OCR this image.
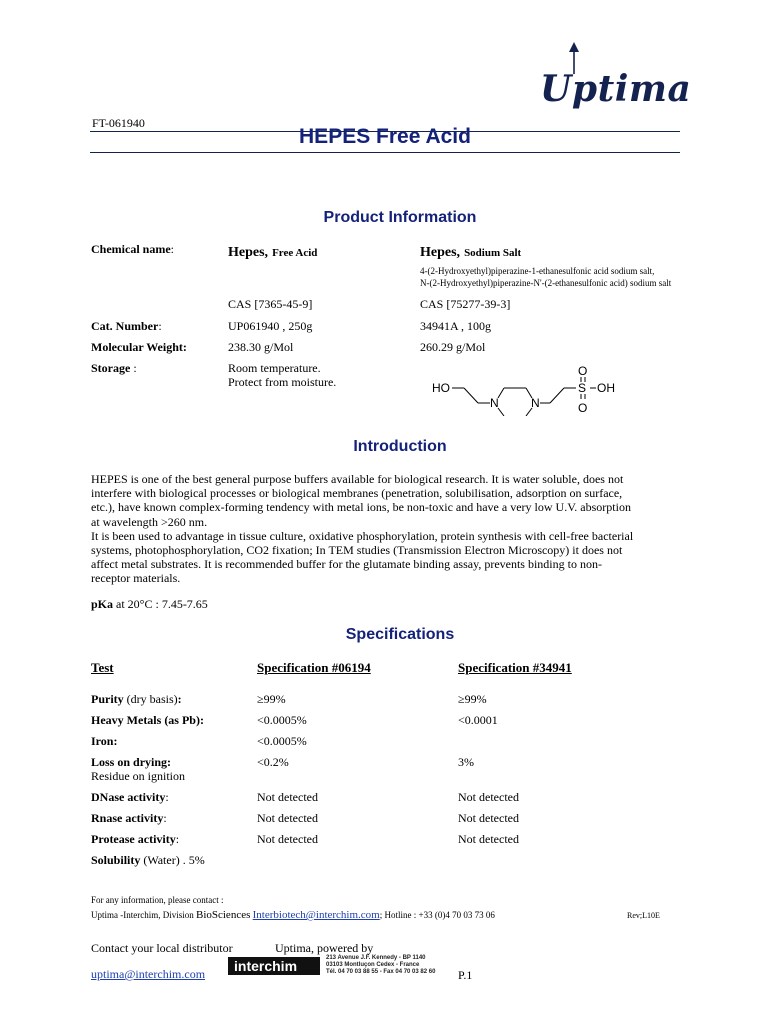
Uptima
FT-061940
HEPES Free Acid
Product Information
Chemical name:	Hepes, Free Acid	Hepes, Sodium Salt
4-(2-Hydroxyethyl)piperazine-1-ethanesulfonic acid sodium salt,
N-(2-Hydroxyethyl)piperazine-N'-(2-ethanesulfonic acid) sodium salt
CAS [7365-45-9]	CAS [75277-39-3]
Cat. Number:	UP061940 , 250g	34941A , 100g
Molecular Weight:	238.30 g/Mol	260.29 g/Mol
Storage :	Room temperature.
Protect from moisture.	HO
N	N
S OH
O
O
Introduction
HEPES is one of the best general purpose buffers available for biological research. It is water soluble, does not
interfere with biological processes or biological membranes (penetration, solubilisation, adsorption on surface,
etc.), have known complex-forming tendency with metal ions, be non-toxic and have a very low U.V. absorption
at wavelength >260 nm.
It is been used to advantage in tissue culture, oxidative phosphorylation, protein synthesis with cell-free bacterial
systems, photophosphorylation, CO2 fixation; In TEM studies (Transmission Electron Microscopy) it does not
affect metal substrates. It is recommended buffer for the glutamate binding assay, prevents binding to non-
receptor materials.
pKa at 20°C : 7.45-7.65
Specifications
Test	Specification #06194	Specification #34941
Purity (dry basis):	≥99%	≥99%
Heavy Metals (as Pb):	<0.0005%	<0.0001
Iron:	<0.0005%
Loss on drying:
Residue on ignition
<0.2%	3%
DNase activity:	Not detected	Not detected
Rnase activity:	Not detected	Not detected
Protease activity:	Not detected	Not detected
Solubility (Water) . 5%
For any information, please contact :
Uptima -Interchim, Division BioSciences Interbiotech@interchim.com; Hotline : +33 (0)4 70 03 73 06	Rev;L10E
Contact your local distributor	Uptima, powered by
interchim	213 Avenue J.F. Kennedy - BP 1140
03103 Montluçon Cedex - France
Tél. 04 70 03 88 55 - Fax 04 70 03 82 60
uptima@interchim.com	P.1
